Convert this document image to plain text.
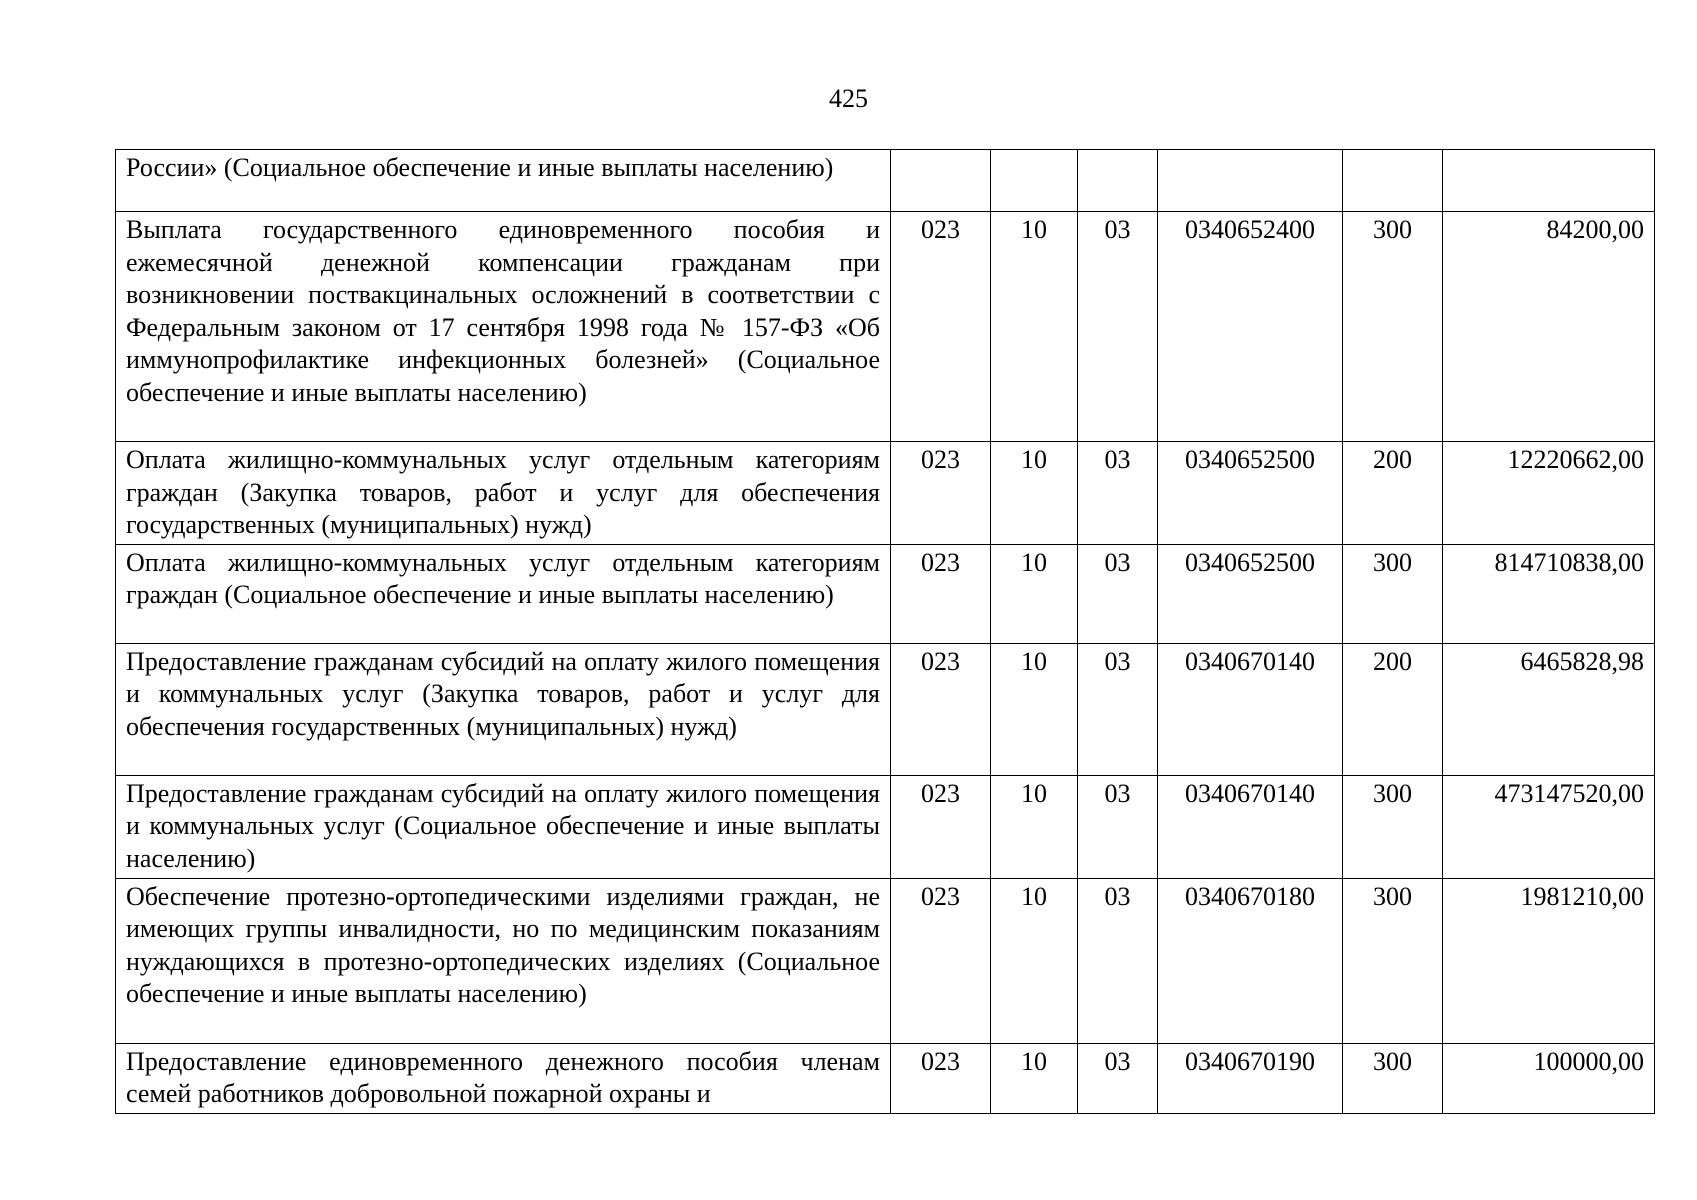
425
России» (Социальное обеспечение и иные выплаты населению)						
Выплата государственного единовременного пособия и ежемесячной денежной компенсации гражданам при возникновении поствакцинальных осложнений в соответствии с Федеральным законом от 17 сентября 1998 года № 157-ФЗ «Об иммунопрофилактике инфекционных болезней» (Социальное обеспечение и иные выплаты населению)	023	10	03	0340652400	300	84200,00
Оплата жилищно-коммунальных услуг отдельным категориям граждан (Закупка товаров, работ и услуг для обеспечения государственных (муниципальных) нужд)	023	10	03	0340652500	200	12220662,00
Оплата жилищно-коммунальных услуг отдельным категориям граждан (Социальное обеспечение и иные выплаты населению)	023	10	03	0340652500	300	814710838,00
Предоставление гражданам субсидий на оплату жилого помещения и коммунальных услуг (Закупка товаров, работ и услуг для обеспечения государственных (муниципальных) нужд)	023	10	03	0340670140	200	6465828,98
Предоставление гражданам субсидий на оплату жилого помещения и коммунальных услуг (Социальное обеспечение и иные выплаты населению)	023	10	03	0340670140	300	473147520,00
Обеспечение протезно-ортопедическими изделиями граждан, не имеющих группы инвалидности, но по медицинским показаниям нуждающихся в протезно-ортопедических изделиях (Социальное обеспечение и иные выплаты населению)	023	10	03	0340670180	300	1981210,00
Предоставление единовременного денежного пособия членам семей работников добровольной пожарной охраны и	023	10	03	0340670190	300	100000,00
